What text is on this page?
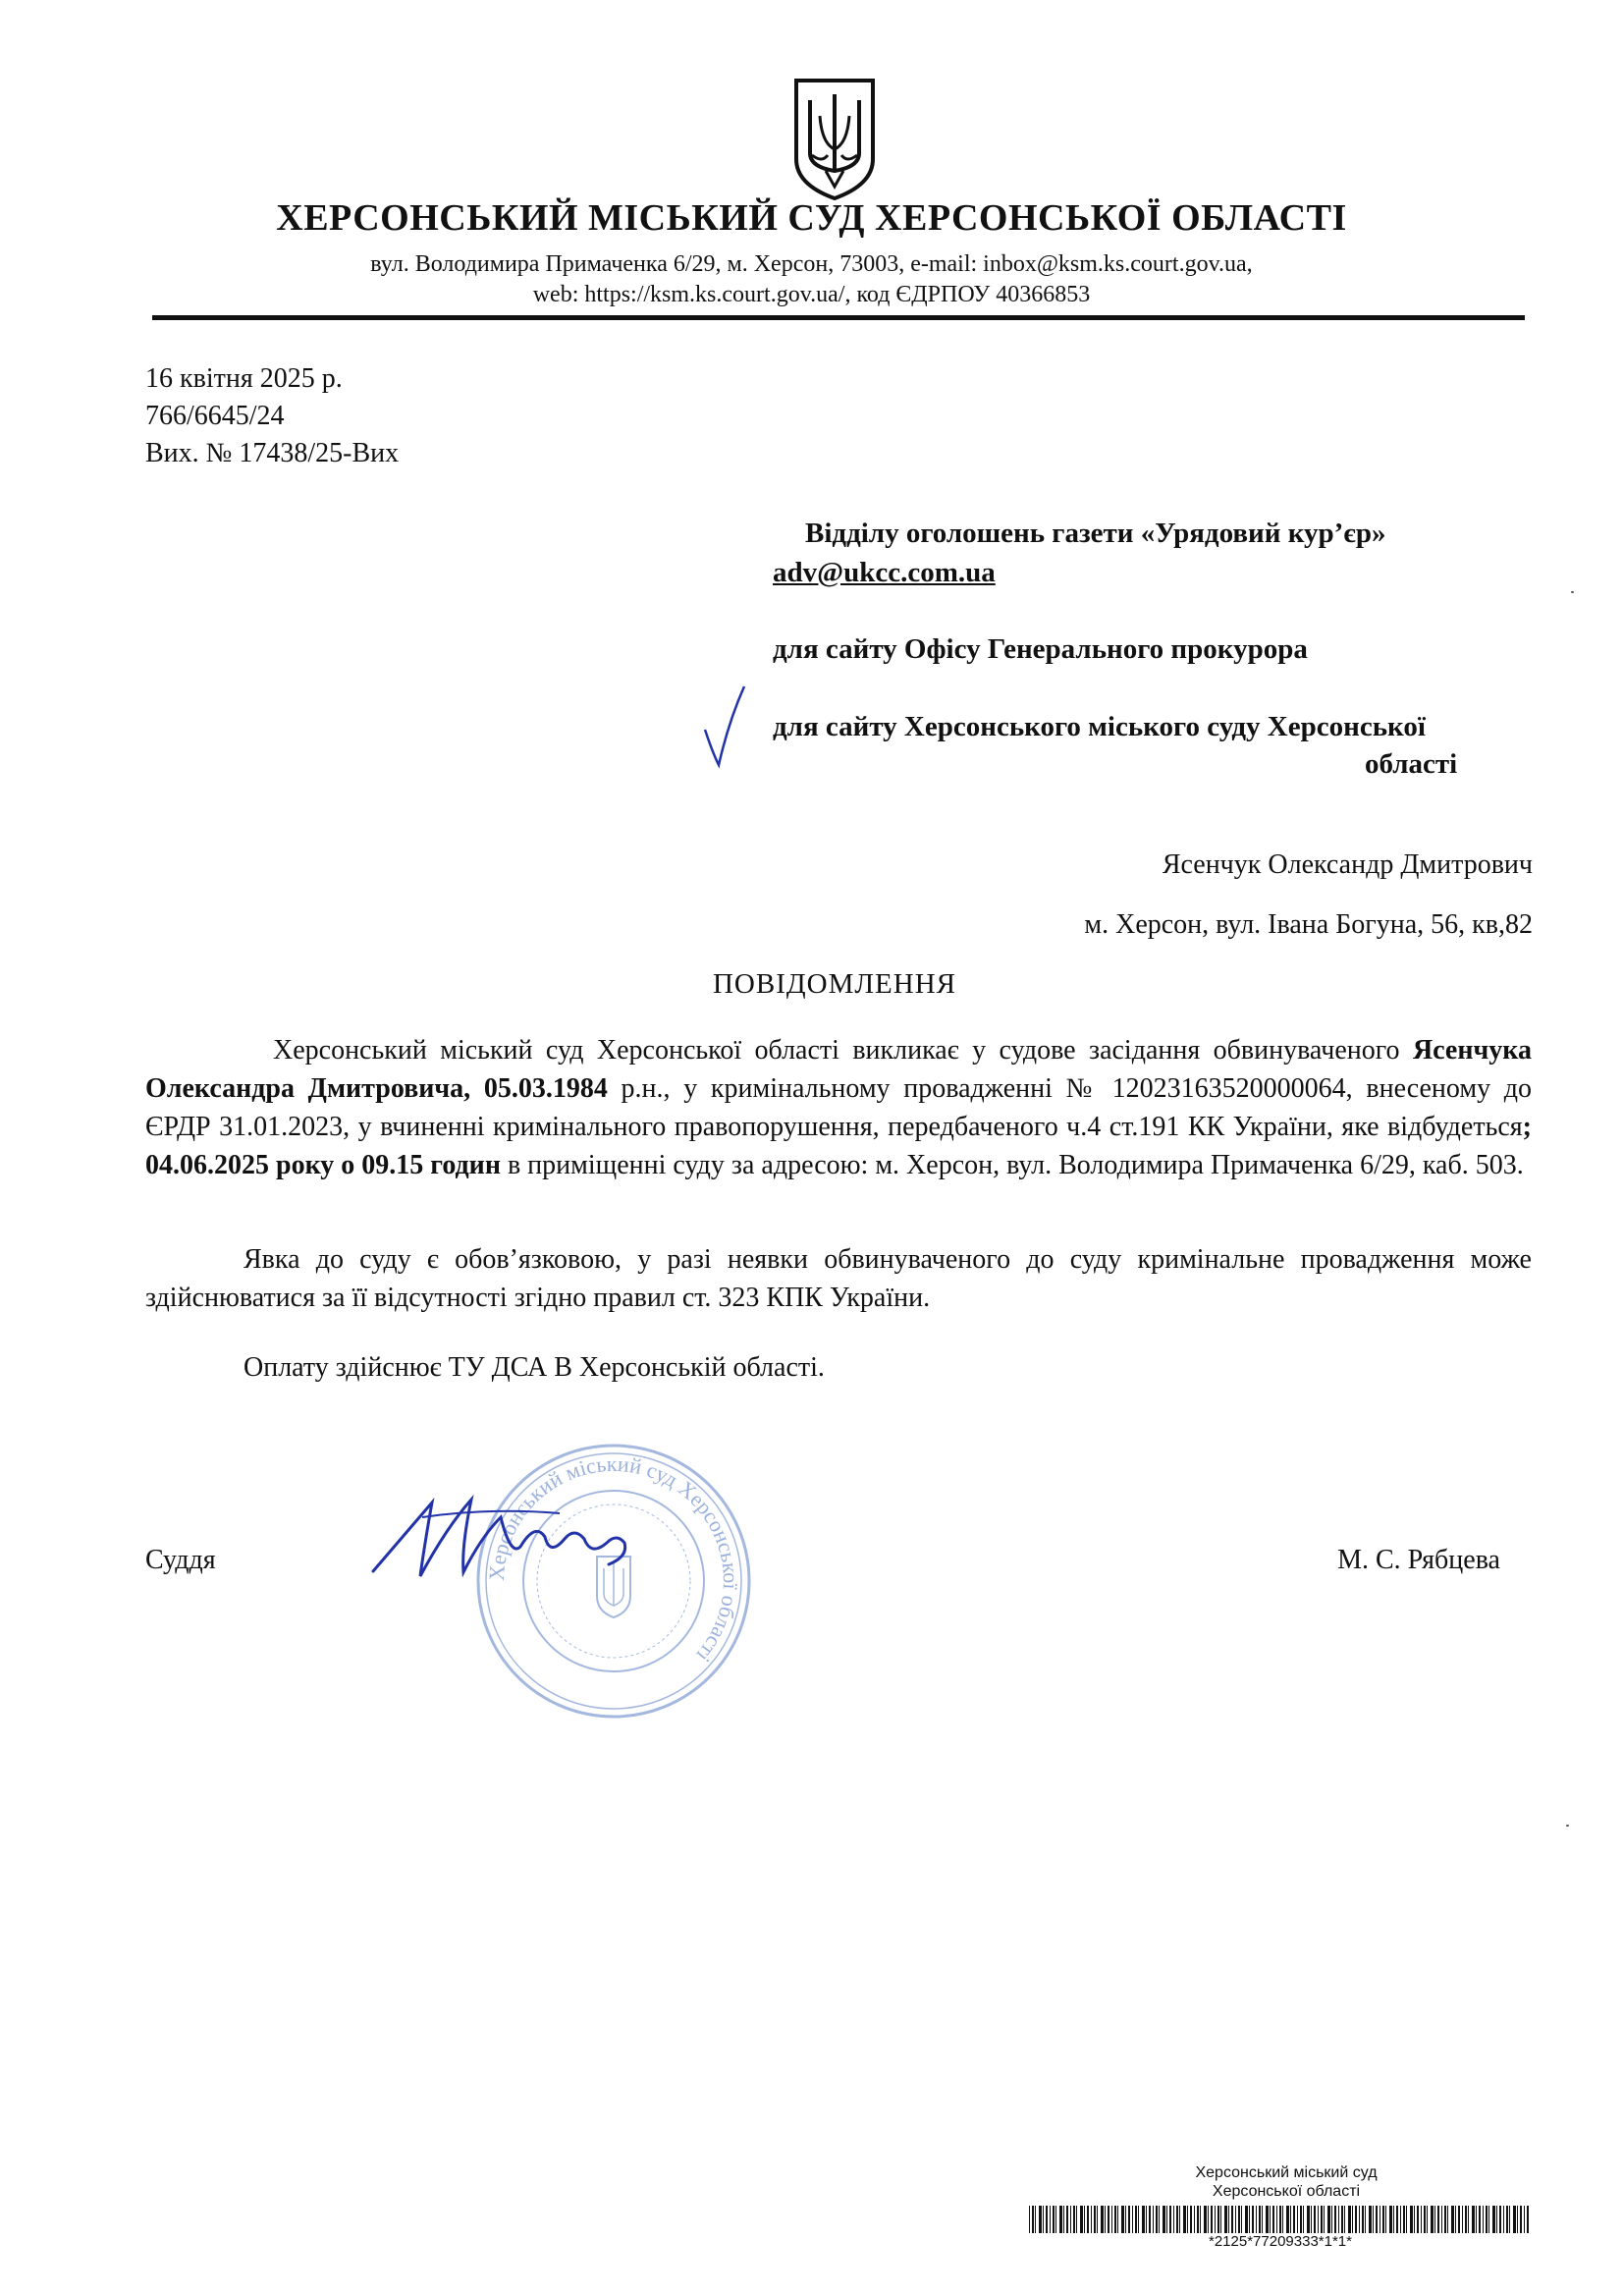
ХЕРСОНСЬКИЙ МІСЬКИЙ СУД ХЕРСОНСЬКОЇ ОБЛАСТІ
вул. Володимира Примаченка 6/29, м. Херсон, 73003, e-mail: inbox@ksm.ks.court.gov.ua,
web: https://ksm.ks.court.gov.ua/, код ЄДРПОУ 40366853
16 квітня 2025 р.
766/6645/24
Вих. № 17438/25-Вих
Відділу оголошень газети «Урядовий кур’єр»
adv@ukcc.com.ua
для сайту Офісу Генерального прокурора
для сайту Херсонського міського суду Херсонської
області
Ясенчук Олександр Дмитрович
м. Херсон, вул. Івана Богуна, 56, кв,82
ПОВІДОМЛЕННЯ
Херсонський міський суд Херсонської області викликає у судове засідання обвинуваченого Ясенчука Олександра Дмитровича, 05.03.1984 р.н., у кримінальному провадженні № 12023163520000064, внесеному до ЄРДР 31.01.2023, у вчиненні кримінального правопорушення, передбаченого ч.4 ст.191 КК України, яке відбудеться; 04.06.2025 року о 09.15 годин в приміщенні суду за адресою: м. Херсон, вул. Володимира Примаченка 6/29, каб. 503.
Явка до суду є обов’язковою, у разі неявки обвинуваченого до суду кримінальне провадження може здійснюватися за її відсутності згідно правил ст. 323 КПК України.
Оплату здійснює ТУ ДСА В Херсонській області.
Херсонський міський суд Херсонської області
Суддя	М. С. Рябцева
Херсонський міський суд
Херсонської області
*2125*77209333*1*1*
